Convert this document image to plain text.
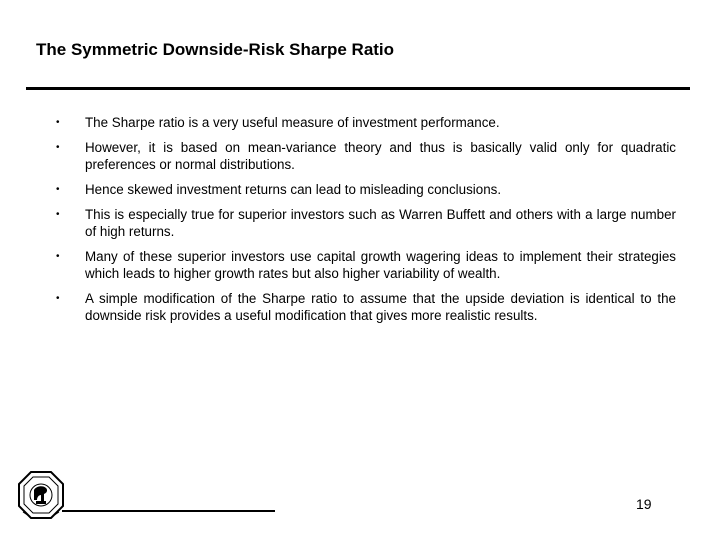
The Symmetric Downside-Risk Sharpe Ratio
•	The Sharpe ratio is a very useful measure of investment performance.
•	However, it is based on mean-variance theory and thus is basically valid only for quadratic preferences or normal distributions.
•	Hence skewed investment returns can lead to misleading conclusions.
•	This is especially true for superior investors such as Warren Buffett and others with a large number of high returns.
•	Many of these superior investors use capital growth wagering ideas to implement their strategies which leads to higher growth rates but also higher variability of wealth.
•	A simple modification of the Sharpe ratio to assume that the upside deviation is identical to the downside risk provides a useful modification that gives more realistic results.
19
